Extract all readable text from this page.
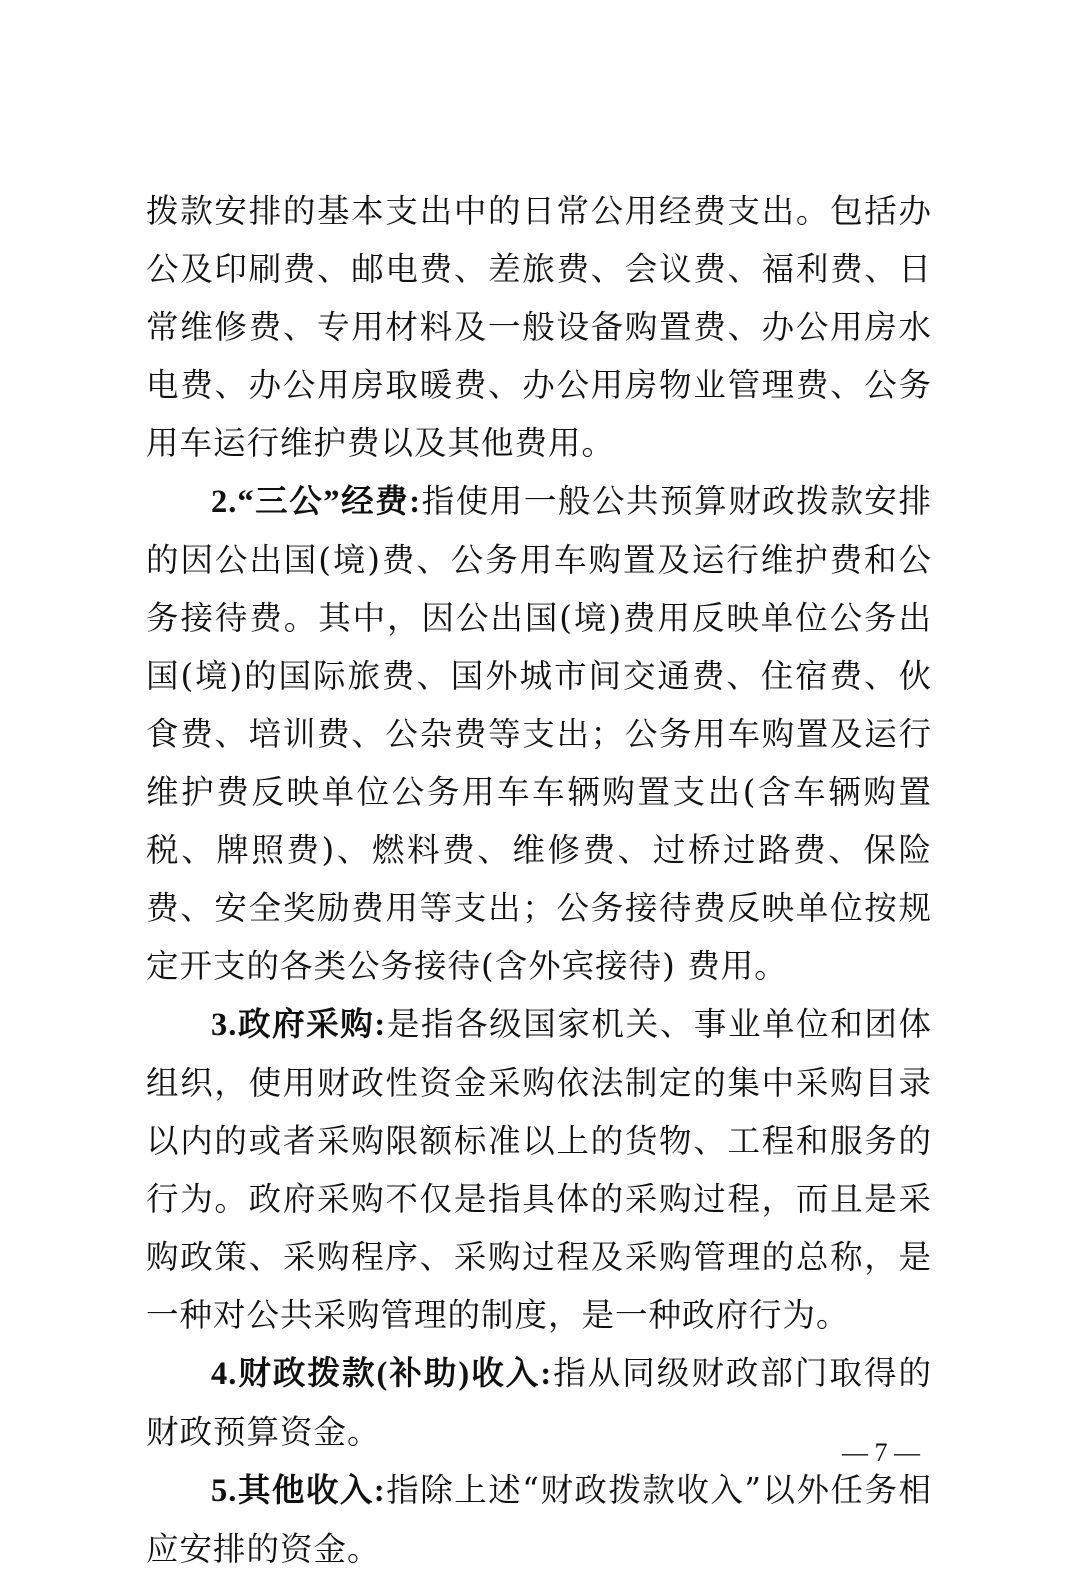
拨款安排的基本支出中的日常公用经费支出。包括办公及印刷费、邮电费、差旅费、会议费、福利费、日常维修费、专用材料及一般设备购置费、办公用房水电费、办公用房取暖费、办公用房物业管理费、公务用车运行维护费以及其他费用。

2.“三公”经费:指使用一般公共预算财政拨款安排的因公出国(境)费、公务用车购置及运行维护费和公务接待费。其中，因公出国(境)费用反映单位公务出国(境)的国际旅费、国外城市间交通费、住宿费、伙食费、培训费、公杂费等支出；公务用车购置及运行维护费反映单位公务用车车辆购置支出(含车辆购置税、牌照费)、燃料费、维修费、过桥过路费、保险费、安全奖励费用等支出；公务接待费反映单位按规定开支的各类公务接待(含外宾接待) 费用。

3.政府采购:是指各级国家机关、事业单位和团体组织，使用财政性资金采购依法制定的集中采购目录以内的或者采购限额标准以上的货物、工程和服务的行为。政府采购不仅是指具体的采购过程，而且是采购政策、采购程序、采购过程及采购管理的总称，是一种对公共采购管理的制度，是一种政府行为。

4.财政拨款(补助)收入:指从同级财政部门取得的财政预算资金。

5.其他收入:指除上述“财政拨款收入”以外任务相应安排的资金。

— 7 —
